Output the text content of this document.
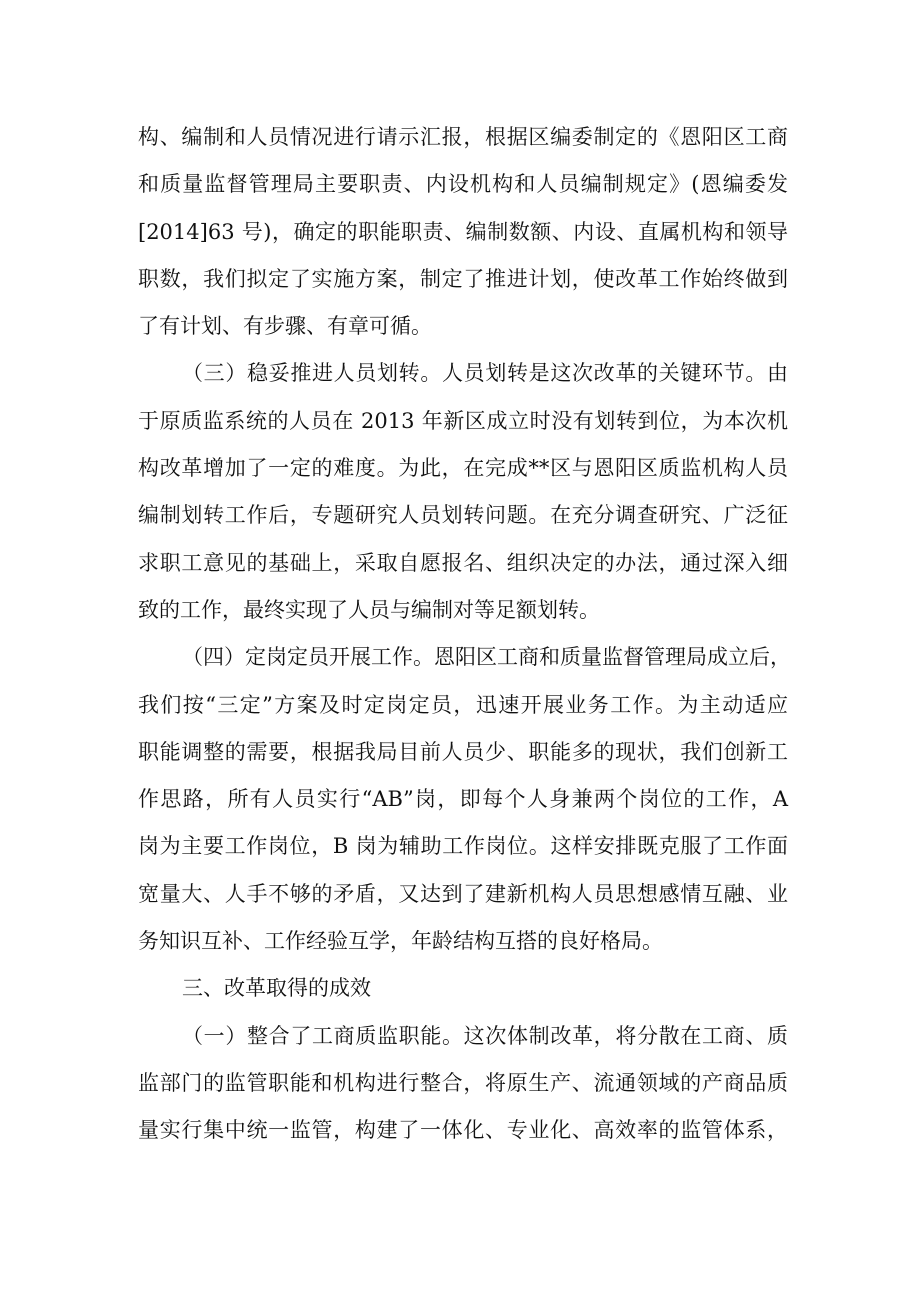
构、编制和人员情况进行请示汇报，根据区编委制定的《恩阳区工商
和质量监督管理局主要职责、内设机构和人员编制规定》(恩编委发
[2014]63 号)，确定的职能职责、编制数额、内设、直属机构和领导
职数，我们拟定了实施方案，制定了推进计划，使改革工作始终做到
了有计划、有步骤、有章可循。
（三）稳妥推进人员划转。人员划转是这次改革的关键环节。由
于原质监系统的人员在 2013 年新区成立时没有划转到位，为本次机
构改革增加了一定的难度。为此，在完成**区与恩阳区质监机构人员
编制划转工作后，专题研究人员划转问题。在充分调查研究、广泛征
求职工意见的基础上，采取自愿报名、组织决定的办法，通过深入细
致的工作，最终实现了人员与编制对等足额划转。
（四）定岗定员开展工作。恩阳区工商和质量监督管理局成立后，
我们按“三定”方案及时定岗定员，迅速开展业务工作。为主动适应
职能调整的需要，根据我局目前人员少、职能多的现状，我们创新工
作思路，所有人员实行“AB”岗，即每个人身兼两个岗位的工作，A
岗为主要工作岗位，B 岗为辅助工作岗位。这样安排既克服了工作面
宽量大、人手不够的矛盾，又达到了建新机构人员思想感情互融、业
务知识互补、工作经验互学，年龄结构互搭的良好格局。
三、改革取得的成效
（一）整合了工商质监职能。这次体制改革，将分散在工商、质
监部门的监管职能和机构进行整合，将原生产、流通领域的产商品质
量实行集中统一监管，构建了一体化、专业化、高效率的监管体系，
